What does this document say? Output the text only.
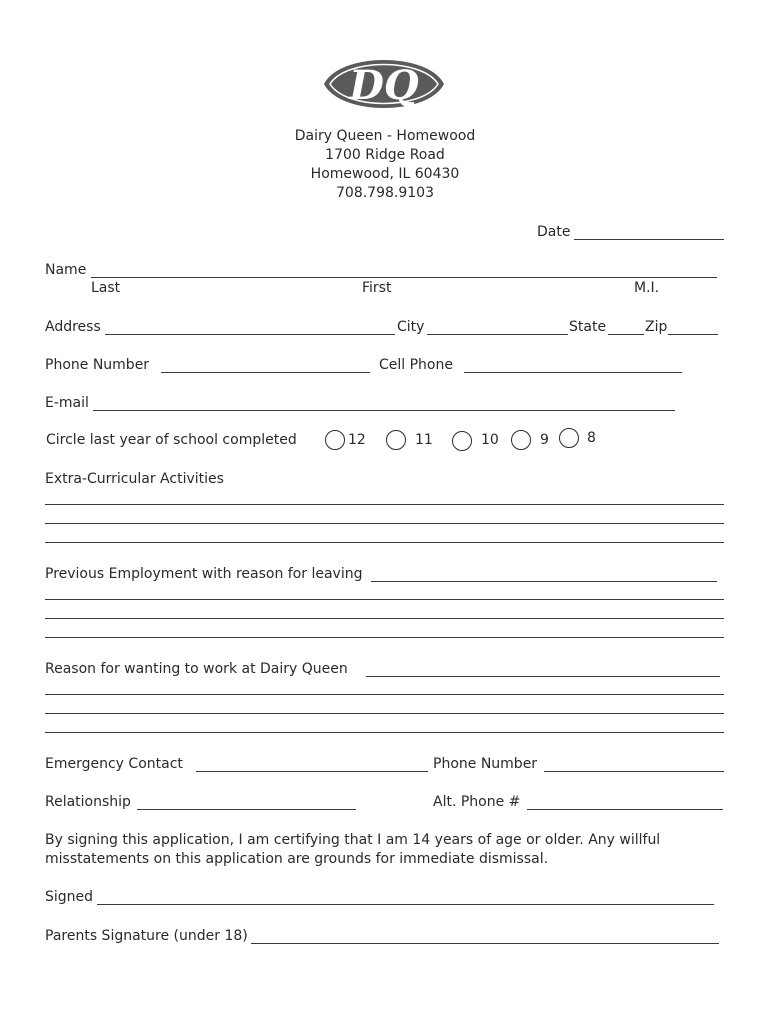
DQ
Dairy Queen - Homewood
1700 Ridge Road
Homewood, IL 60430
708.798.9103
Date
Name
Last	First	M.I.
Address	City	State	Zip
Phone Number	Cell Phone
E-mail
Circle last year of school completed	12	11	10	9	8
Extra-Curricular Activities
Previous Employment with reason for leaving
Reason for wanting to work at Dairy Queen
Emergency Contact	Phone Number
Relationship	Alt. Phone #
By signing this application, I am certifying that I am 14 years of age or older. Any willful
misstatements on this application are grounds for immediate dismissal.
Signed
Parents Signature (under 18)
